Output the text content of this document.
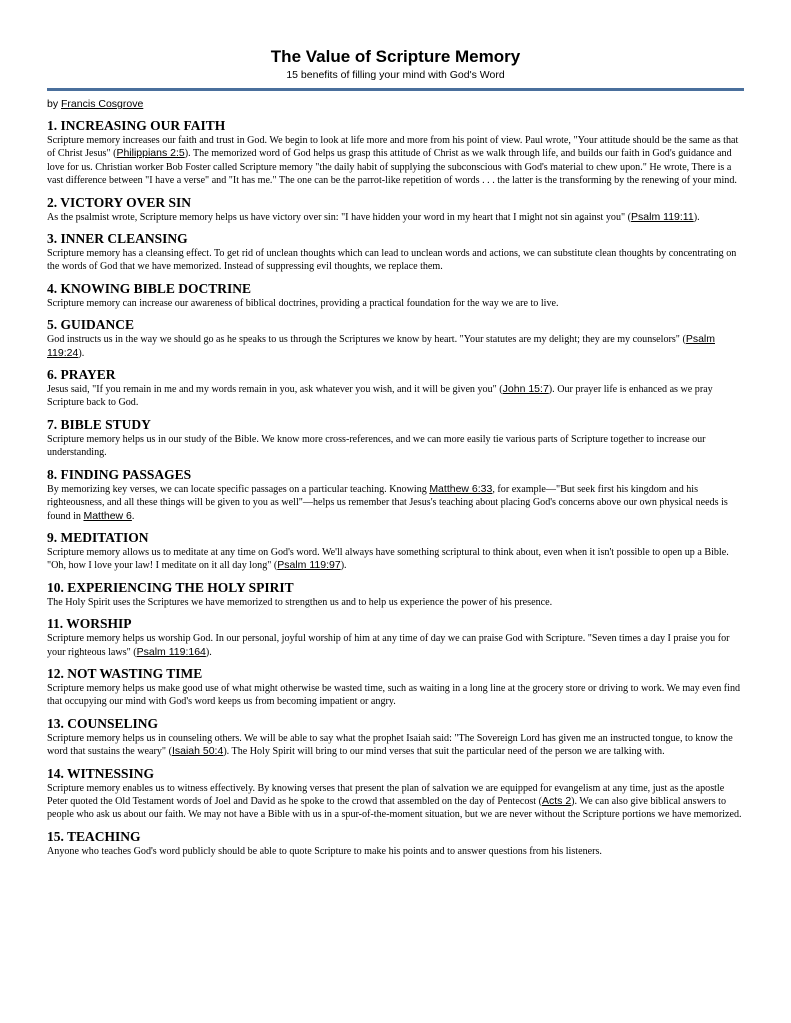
The Value of Scripture Memory
15 benefits of filling your mind with God's Word
by Francis Cosgrove
1. INCREASING OUR FAITH

Scripture memory increases our faith and trust in God. We begin to look at life more and more from his point of view. Paul wrote, "Your attitude should be the same as that of Christ Jesus" (Philippians 2:5). The memorized word of God helps us grasp this attitude of Christ as we walk through life, and builds our faith in God's guidance and love for us. Christian worker Bob Foster called Scripture memory "the daily habit of supplying the subconscious with God's material to chew upon." He wrote, There is a vast difference between "I have a verse" and "It has me." The one can be the parrot-like repetition of words . . . the latter is the transforming by the renewing of your mind.

2. VICTORY OVER SIN

As the psalmist wrote, Scripture memory helps us have victory over sin: "I have hidden your word in my heart that I might not sin against you" (Psalm 119:11).

3. INNER CLEANSING

Scripture memory has a cleansing effect. To get rid of unclean thoughts which can lead to unclean words and actions, we can substitute clean thoughts by concentrating on the words of God that we have memorized. Instead of suppressing evil thoughts, we replace them.

4. KNOWING BIBLE DOCTRINE

Scripture memory can increase our awareness of biblical doctrines, providing a practical foundation for the way we are to live.

5. GUIDANCE

God instructs us in the way we should go as he speaks to us through the Scriptures we know by heart. "Your statutes are my delight; they are my counselors" (Psalm 119:24).

6. PRAYER

Jesus said, "If you remain in me and my words remain in you, ask whatever you wish, and it will be given you" (John 15:7). Our prayer life is enhanced as we pray Scripture back to God.

7. BIBLE STUDY

Scripture memory helps us in our study of the Bible. We know more cross-references, and we can more easily tie various parts of Scripture together to increase our understanding.

8. FINDING PASSAGES

By memorizing key verses, we can locate specific passages on a particular teaching. Knowing Matthew 6:33, for example—"But seek first his kingdom and his righteousness, and all these things will be given to you as well"—helps us remember that Jesus's teaching about placing God's concerns above our own physical needs is found in Matthew 6.

9. MEDITATION

Scripture memory allows us to meditate at any time on God's word. We'll always have something scriptural to think about, even when it isn't possible to open up a Bible. "Oh, how I love your law! I meditate on it all day long" (Psalm 119:97).

10. EXPERIENCING THE HOLY SPIRIT

The Holy Spirit uses the Scriptures we have memorized to strengthen us and to help us experience the power of his presence.

11. WORSHIP

Scripture memory helps us worship God. In our personal, joyful worship of him at any time of day we can praise God with Scripture. "Seven times a day I praise you for your righteous laws" (Psalm 119:164).

12. NOT WASTING TIME

Scripture memory helps us make good use of what might otherwise be wasted time, such as waiting in a long line at the grocery store or driving to work. We may even find that occupying our mind with God's word keeps us from becoming impatient or angry.

13. COUNSELING

Scripture memory helps us in counseling others. We will be able to say what the prophet Isaiah said: "The Sovereign Lord has given me an instructed tongue, to know the word that sustains the weary" (Isaiah 50:4). The Holy Spirit will bring to our mind verses that suit the particular need of the person we are talking with.

14. WITNESSING

Scripture memory enables us to witness effectively. By knowing verses that present the plan of salvation we are equipped for evangelism at any time, just as the apostle Peter quoted the Old Testament words of Joel and David as he spoke to the crowd that assembled on the day of Pentecost (Acts 2). We can also give biblical answers to people who ask us about our faith. We may not have a Bible with us in a spur-of-the-moment situation, but we are never without the Scripture portions we have memorized.

15. TEACHING

Anyone who teaches God's word publicly should be able to quote Scripture to make his points and to answer questions from his listeners.
